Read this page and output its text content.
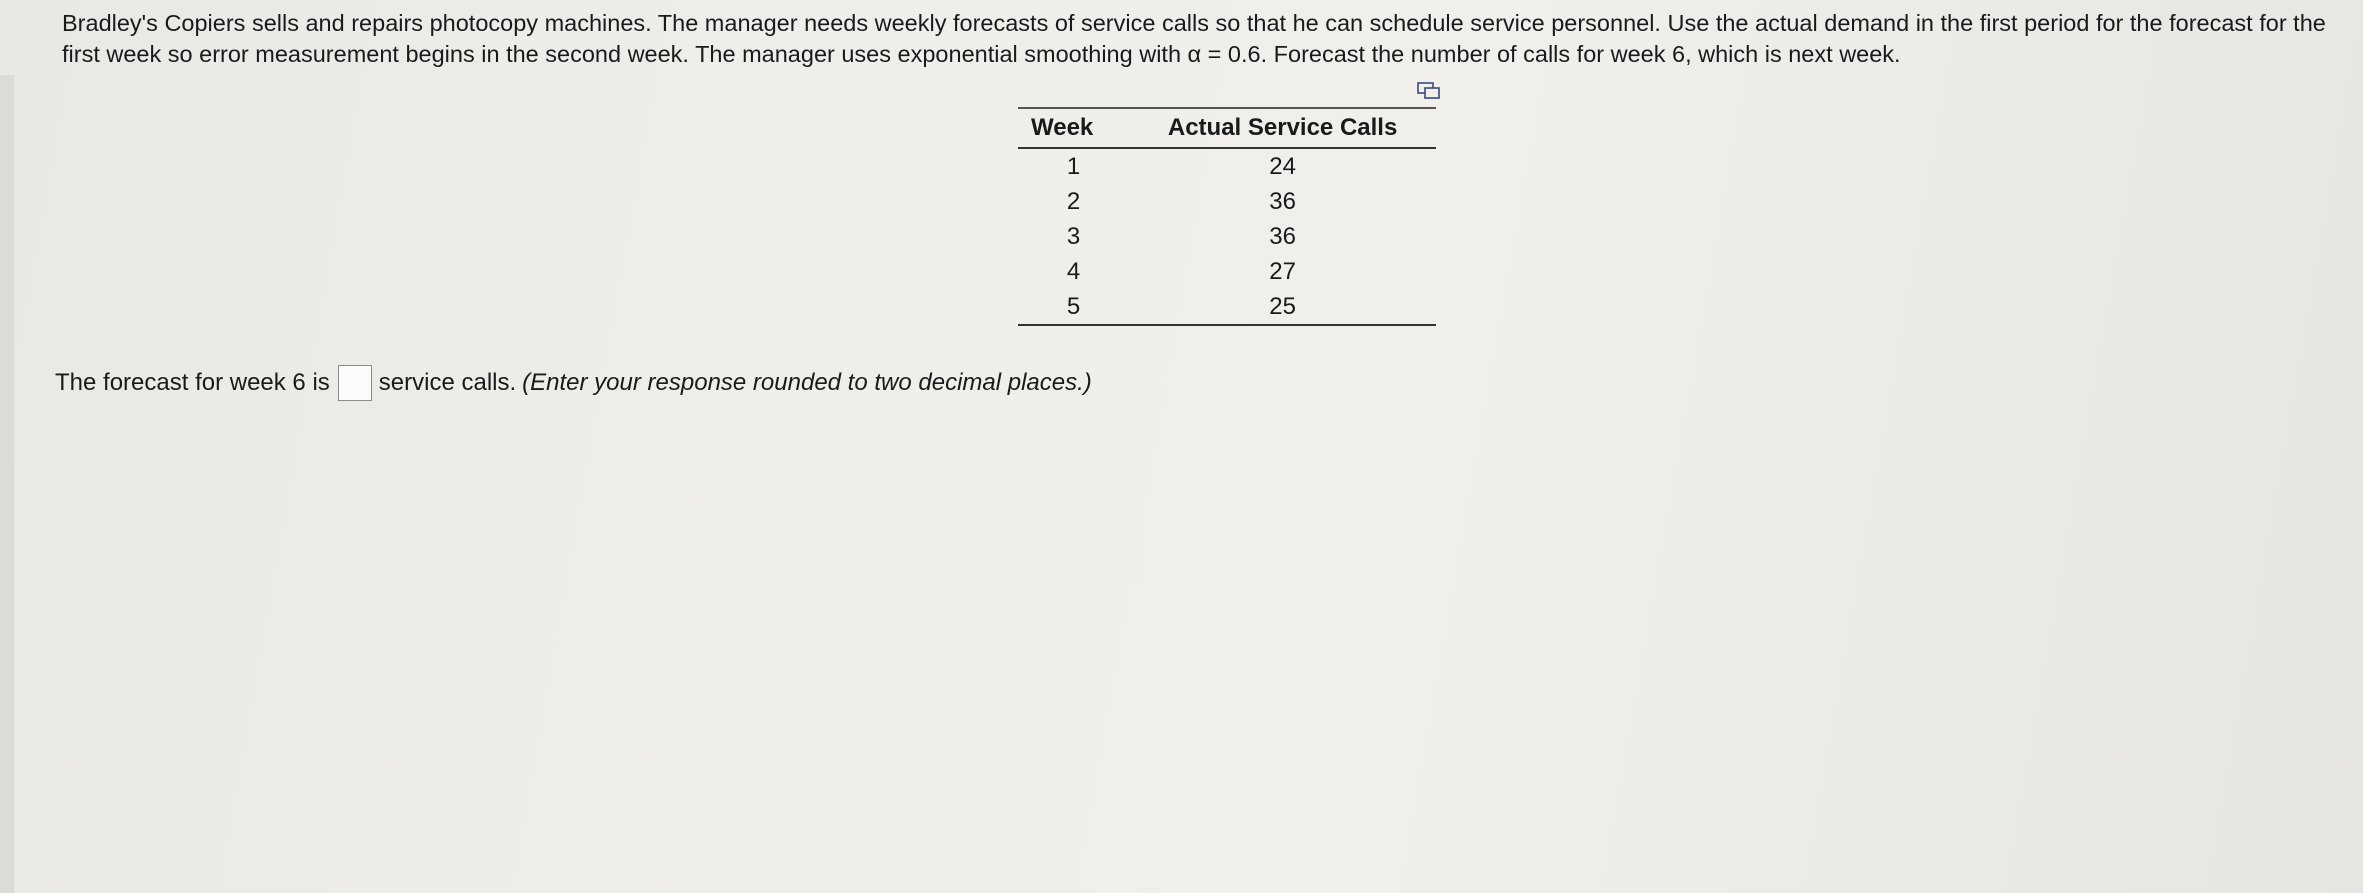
Bradley's Copiers sells and repairs photocopy machines. The manager needs weekly forecasts of service calls so that he can schedule service personnel. Use the actual demand in the first period for the forecast for the first week so error measurement begins in the second week. The manager uses exponential smoothing with α = 0.6. Forecast the number of calls for week 6, which is next week.
Week	Actual Service Calls
1	24
2	36
3	36
4	27
5	25
The forecast for week 6 is service calls. (Enter your response rounded to two decimal places.)
